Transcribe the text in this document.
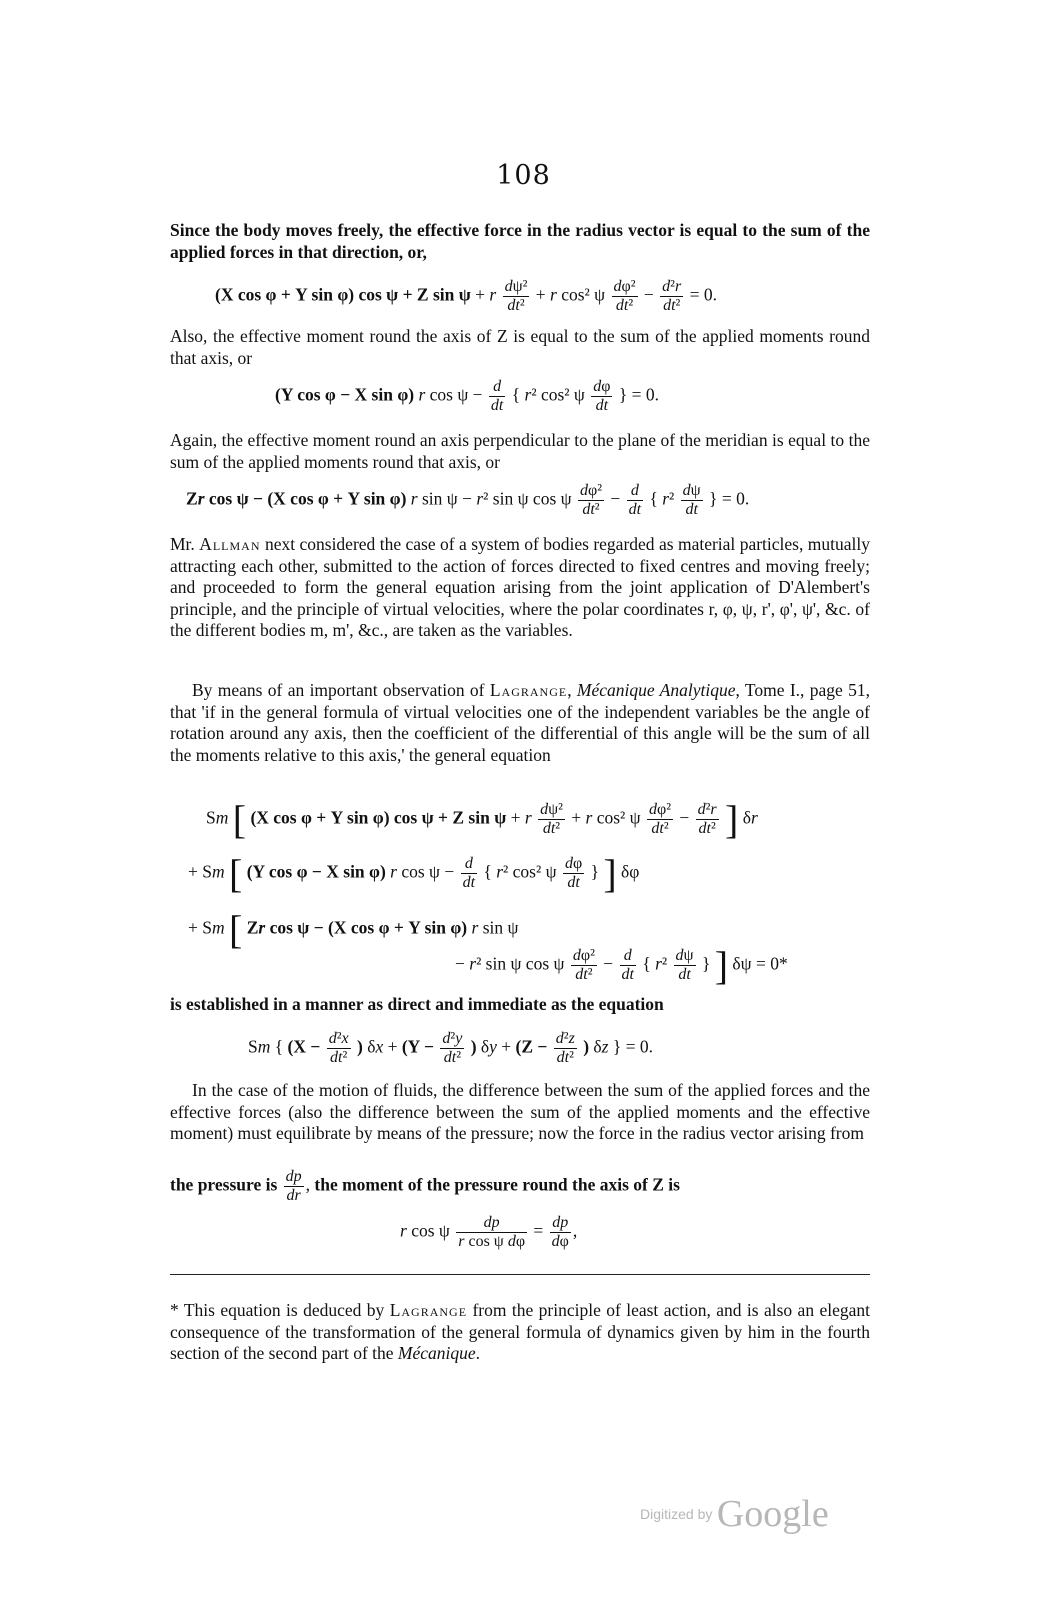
108
Since the body moves freely, the effective force in the radius vector is equal to the sum of the applied forces in that direction, or,
(X cos φ + Y sin φ) cos ψ + Z sin ψ + r $\frac{\text{dψ²}}{\text{dt²}} + r$ cos² ψ $\frac{\text{dφ²}}{\text{dt²}} - \frac{\text{d²r}}{\text{dt²}} = 0$.
Also, the effective moment round the axis of Z is equal to the sum of the applied moments round that axis, or
(Y cos φ − X sin φ) r $\cos \psi - \frac{d}{dt}$ { r² cos² ψ $\frac{d\varphi}{dt}$ } = 0.
Again, the effective moment round an axis perpendicular to the plane of the meridian is equal to the sum of the applied moments round that axis, or
Zr cos ψ − (X cos φ + Y sin φ) r sin ψ − r² sin ψ cos ψ $\frac{\text{dφ²}}{\text{dt²}} - \frac{d}{dt}$ { $r^2 \frac{d\psi}{dt}$ } = 0.
Mr. Allman next considered the case of a system of bodies regarded as material particles, mutually attracting each other, submitted to the action of forces directed to fixed centres and moving freely; and proceeded to form the general equation arising from the joint application of D'Alembert's principle, and the principle of virtual velocities, where the polar coordinates r, φ, ψ, r', φ', ψ', &c. of the different bodies m, m', &c., are taken as the variables.
By means of an important observation of Lagrange, Mécanique Analytique, Tome I., page 51, that 'if in the general formula of virtual velocities one of the independent variables be the angle of rotation around any axis, then the coefficient of the differential of this angle will be the sum of all the moments relative to this axis,' the general equation
Sm [ (X cos φ + Y sin φ) cos ψ + Z sin ψ + r $\frac{\text{dψ²}}{\text{dt²}} + r$ cos² ψ $\frac{\text{dφ²}}{\text{dt²}} - \frac{\text{d²r}}{\text{dt²}}$ ] δr
+ Sm [ (Y cos φ − X sin φ) r $\cos \psi - \frac{d}{dt}$ { r² cos² ψ $\frac{d\varphi}{dt}$ } ] δφ
+ Sm [ Zr cos ψ − (X cos φ + Y sin φ) r sin ψ
− r² sin ψ cos ψ $\frac{\text{dφ²}}{\text{dt²}} - \frac{d}{dt}$ { $r^2 \frac{d\psi}{dt}$ } ] δψ = 0*
is established in a manner as direct and immediate as the equation
Sm { ($X - \frac{\text{d²x}}{\text{dt²}}$ ) $\delta x + (Y - \frac{\text{d²y}}{\text{dt²}}$ ) $\delta y + (Z - \frac{\text{d²z}}{\text{dt²}}$ ) δz } = 0.
In the case of the motion of fluids, the difference between the sum of the applied forces and the effective forces (also the difference between the sum of the applied moments and the effective moment) must equilibrate by means of the pressure; now the force in the radius vector arising from
the pressure is $\frac{dp}{dr}$ , the moment of the pressure round the axis of Z is
r cos ψ $\frac{dp}{\text{r cos ψ dφ}} = \frac{dp}{d\varphi}$ ,
* This equation is deduced by Lagrange from the principle of least action, and is also an elegant consequence of the transformation of the general formula of dynamics given by him in the fourth section of the second part of the Mécanique.
Digitized by Google
